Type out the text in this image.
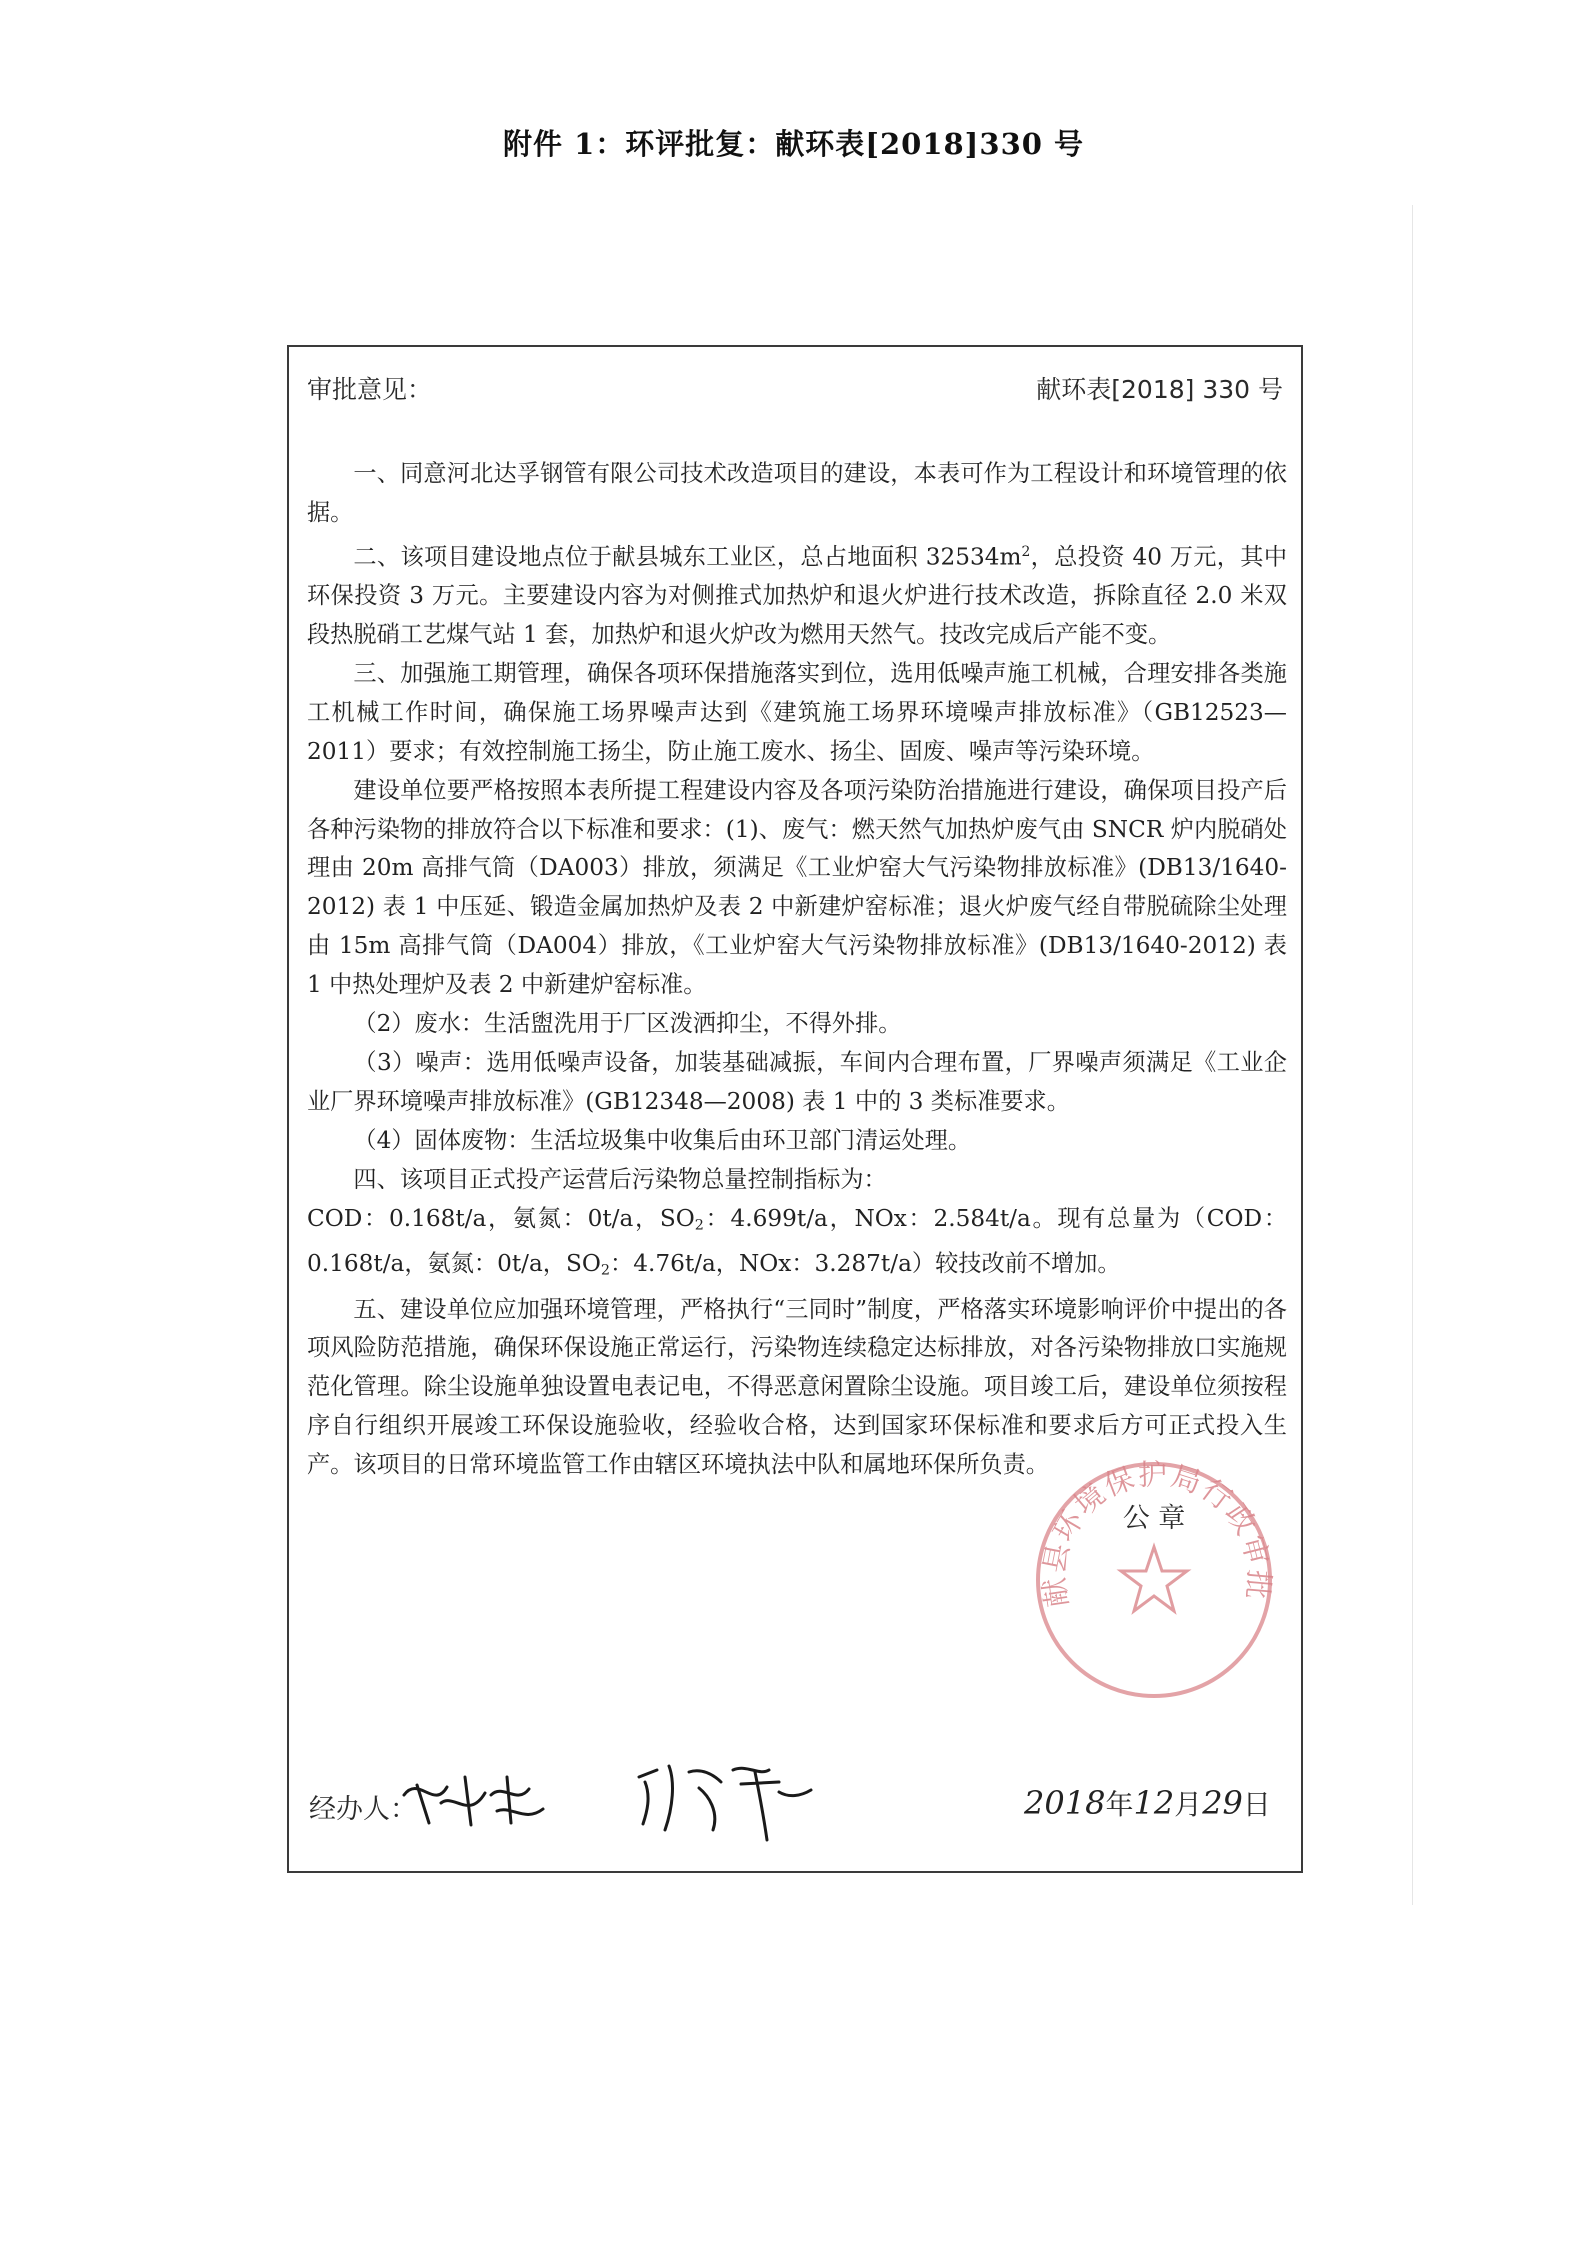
附件 1：环评批复：献环表[2018]330 号
审批意见：	献环表[2018] 330 号

一、同意河北达孚钢管有限公司技术改造项目的建设，本表可作为工程设计和环境管理的依据。

二、该项目建设地点位于献县城东工业区，总占地面积 $32534m^2$，总投资 40 万元，其中环保投资 3 万元。主要建设内容为对侧推式加热炉和退火炉进行技术改造，拆除直径 2.0 米双段热脱硝工艺煤气站 1 套，加热炉和退火炉改为燃用天然气。技改完成后产能不变。

三、加强施工期管理，确保各项环保措施落实到位，选用低噪声施工机械，合理安排各类施工机械工作时间，确保施工场界噪声达到《建筑施工场界环境噪声排放标准》（GB12523—2011）要求；有效控制施工扬尘，防止施工废水、扬尘、固废、噪声等污染环境。

建设单位要严格按照本表所提工程建设内容及各项污染防治措施进行建设，确保项目投产后各种污染物的排放符合以下标准和要求：(1)、废气：燃天然气加热炉废气由 SNCR 炉内脱硝处理由 20m 高排气筒（DA003）排放，须满足《工业炉窑大气污染物排放标准》(DB13/1640-2012) 表 1 中压延、锻造金属加热炉及表 2 中新建炉窑标准；退火炉废气经自带脱硫除尘处理由 15m 高排气筒（DA004）排放，《工业炉窑大气污染物排放标准》(DB13/1640-2012) 表 1 中热处理炉及表 2 中新建炉窑标准。

（2）废水：生活盥洗用于厂区泼洒抑尘，不得外排。

（3）噪声：选用低噪声设备，加装基础减振，车间内合理布置，厂界噪声须满足《工业企业厂界环境噪声排放标准》(GB12348—2008) 表 1 中的 3 类标准要求。

（4）固体废物：生活垃圾集中收集后由环卫部门清运处理。

四、该项目正式投产运营后污染物总量控制指标为：

COD：0.168t/a，氨氮：0t/a，$SO_2$：4.699t/a，NOx：2.584t/a。现有总量为（COD：0.168t/a，氨氮：0t/a，$SO_2$：4.76t/a，NOx：3.287t/a）较技改前不增加。

五、建设单位应加强环境管理，严格执行“三同时”制度，严格落实环境影响评价中提出的各项风险防范措施，确保环保设施正常运行，污染物连续稳定达标排放，对各污染物排放口实施规范化管理。除尘设施单独设置电表记电，不得恶意闲置除尘设施。项目竣工后，建设单位须按程序自行组织开展竣工环保设施验收，经验收合格，达到国家环保标准和要求后方可正式投入生产。该项目的日常环境监管工作由辖区环境执法中队和属地环保所负责。

献县环境保护局行政审批
公 章
经办人：	2018年12月29日
